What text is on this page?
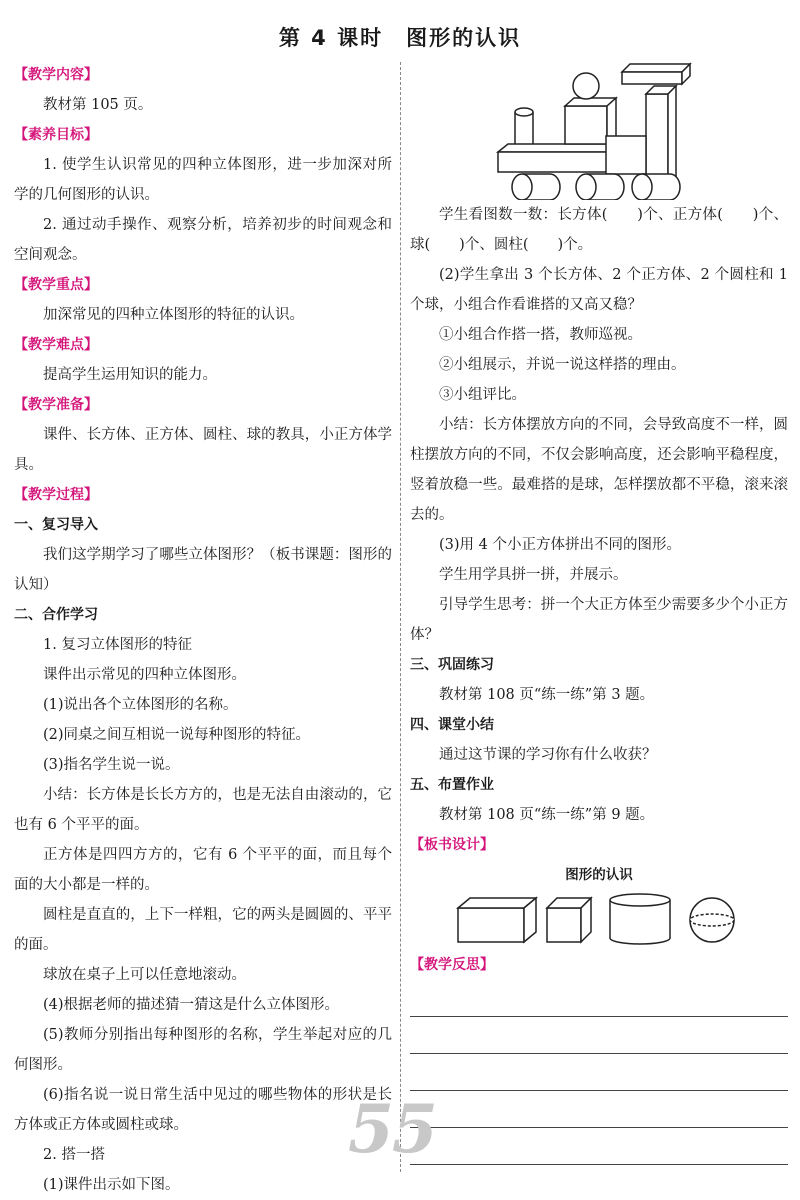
第 4 课时　图形的认识
【教学内容】

教材第 105 页。

【素养目标】

1. 使学生认识常见的四种立体图形，进一步加深对所学的几何图形的认识。

2. 通过动手操作、观察分析，培养初步的时间观念和空间观念。

【教学重点】

加深常见的四种立体图形的特征的认识。

【教学难点】

提高学生运用知识的能力。

【教学准备】

课件、长方体、正方体、圆柱、球的教具，小正方体学具。

【教学过程】
一、复习导入

我们这学期学习了哪些立体图形？（板书课题：图形的认知）

二、合作学习

1. 复习立体图形的特征

课件出示常见的四种立体图形。

(1)说出各个立体图形的名称。

(2)同桌之间互相说一说每种图形的特征。

(3)指名学生说一说。

小结：长方体是长长方方的，也是无法自由滚动的，它也有 6 个平平的面。

正方体是四四方方的，它有 6 个平平的面，而且每个面的大小都是一样的。

圆柱是直直的，上下一样粗，它的两头是圆圆的、平平的面。

球放在桌子上可以任意地滚动。

(4)根据老师的描述猜一猜这是什么立体图形。

(5)教师分别指出每种图形的名称，学生举起对应的几何图形。

(6)指名说一说日常生活中见过的哪些物体的形状是长方体或正方体或圆柱或球。

2. 搭一搭

(1)课件出示如下图。

学生看图数一数：长方体(　　)个、正方体(　　)个、球(　　)个、圆柱(　　)个。

(2)学生拿出 3 个长方体、2 个正方体、2 个圆柱和 1 个球，小组合作看谁搭的又高又稳？

①小组合作搭一搭，教师巡视。

②小组展示，并说一说这样搭的理由。

③小组评比。

小结：长方体摆放方向的不同，会导致高度不一样，圆柱摆放方向的不同，不仅会影响高度，还会影响平稳程度，竖着放稳一些。最难搭的是球，怎样摆放都不平稳，滚来滚去的。

(3)用 4 个小正方体拼出不同的图形。

学生用学具拼一拼，并展示。

引导学生思考：拼一个大正方体至少需要多少个小正方体？

三、巩固练习

教材第 108 页“练一练”第 3 题。

四、课堂小结

通过这节课的学习你有什么收获？

五、布置作业

教材第 108 页“练一练”第 9 题。

【板书设计】
图形的认识
【教学反思】
55
